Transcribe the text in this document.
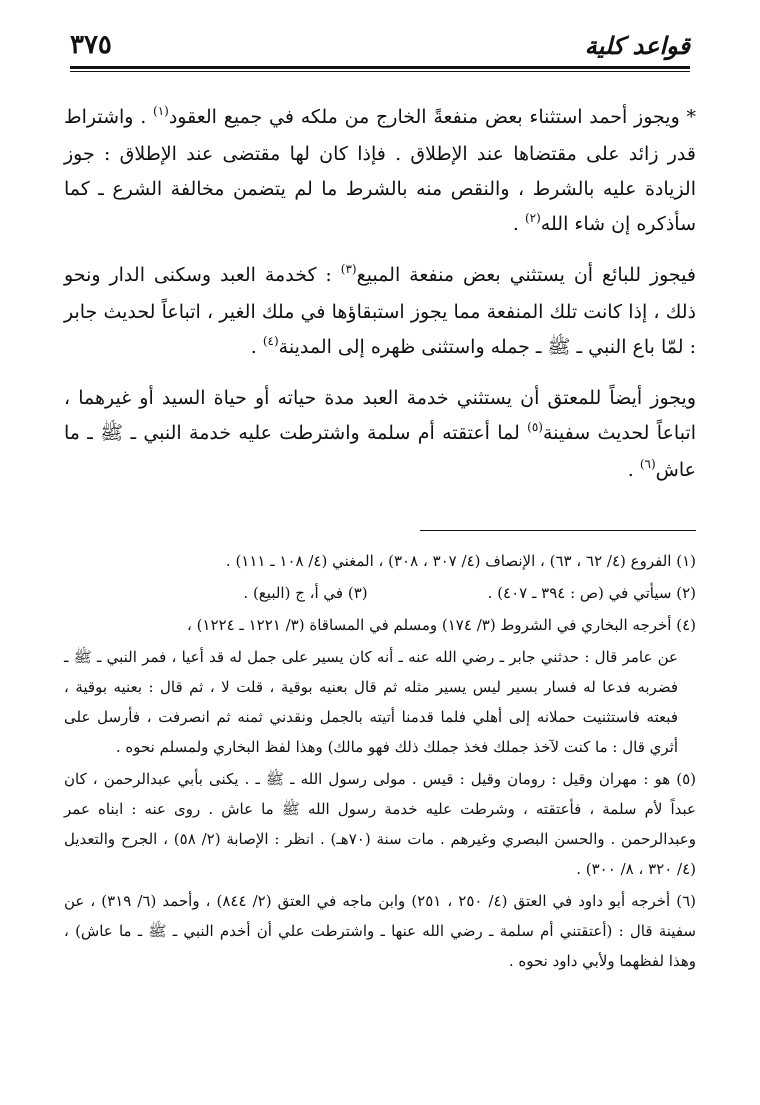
قواعد كلية
٣٧٥

* ويجوز أحمد استثناء بعض منفعةً الخارج من ملكه في جميع العقود$^{(١)}$ . واشتراط قدر زائد على مقتضاها عند الإطلاق . فإذا كان لها مقتضى عند الإطلاق : جوز الزيادة عليه بالشرط ، والنقص منه بالشرط ما لم يتضمن مخالفة الشرع ـ كما سأذكره إن شاء الله$^{(٢)}$ .

فيجوز للبائع أن يستثني بعض منفعة المبيع$^{(٣)}$ : كخدمة العبد وسكنى الدار ونحو ذلك ، إذا كانت تلك المنفعة مما يجوز استبقاؤها في ملك الغير ، اتباعاً لحديث جابر : لمّا باع النبي ـ ﷺ ـ جمله واستثنى ظهره إلى المدينة$^{(٤)}$ .

ويجوز أيضاً للمعتق أن يستثني خدمة العبد مدة حياته أو حياة السيد أو غيرهما ، اتباعاً لحديث سفينة$^{(٥)}$ لما أعتقته أم سلمة واشترطت عليه خدمة النبي ـ ﷺ ـ ما عاش$^{(٦)}$ .

(١) الفروع (٤/ ٦٢ ، ٦٣) ، الإنصاف (٤/ ٣٠٧ ، ٣٠٨) ، المغني (٤/ ١٠٨ ـ ١١١) .

(٢) سيأتي في (ص : ٣٩٤ ـ ٤٠٧) .
(٣) في أ، ج (البيع) .

(٤) أخرجه البخاري في الشروط (٣/ ١٧٤) ومسلم في المساقاة (٣/ ١٢٢١ ـ ١٢٢٤) ،

عن عامر قال : حدثني جابر ـ رضي الله عنه ـ أنه كان يسير على جمل له قد أعيا ، فمر النبي ـ ﷺ ـ فضربه فدعا له فسار بسير ليس يسير مثله ثم قال بعنيه بوقية ، قلت لا ، ثم قال : بعنيه بوقية ، فبعته فاستثنيت حملانه إلى أهلي فلما قدمنا أتيته بالجمل ونقدني ثمنه ثم انصرفت ، فأرسل على أثري قال : ما كنت لآخذ جملك فخذ جملك ذلك فهو مالك) وهذا لفظ البخاري ولمسلم نحوه .

(٥) هو : مهران وقيل : رومان وقيل : قيس . مولى رسول الله ـ ﷺ ـ . يكنى بأبي عبدالرحمن ، كان عبداً لأم سلمة ، فأعتقته ، وشرطت عليه خدمة رسول الله ﷺ ما عاش . روى عنه : ابناه عمر وعبدالرحمن . والحسن البصري وغيرهم . مات سنة (٧٠هـ) . انظر : الإصابة (٢/ ٥٨) ، الجرح والتعديل (٤/ ٣٢٠ ، ٨/ ٣٠٠) .

(٦) أخرجه أبو داود في العتق (٤/ ٢٥٠ ، ٢٥١) وابن ماجه في العتق (٢/ ٨٤٤) ، وأحمد (٦/ ٣١٩) ، عن سفينة قال : (أعتقتني أم سلمة ـ رضي الله عنها ـ واشترطت علي أن أخدم النبي ـ ﷺ ـ ما عاش) ، وهذا لفظهما ولأبي داود نحوه .
